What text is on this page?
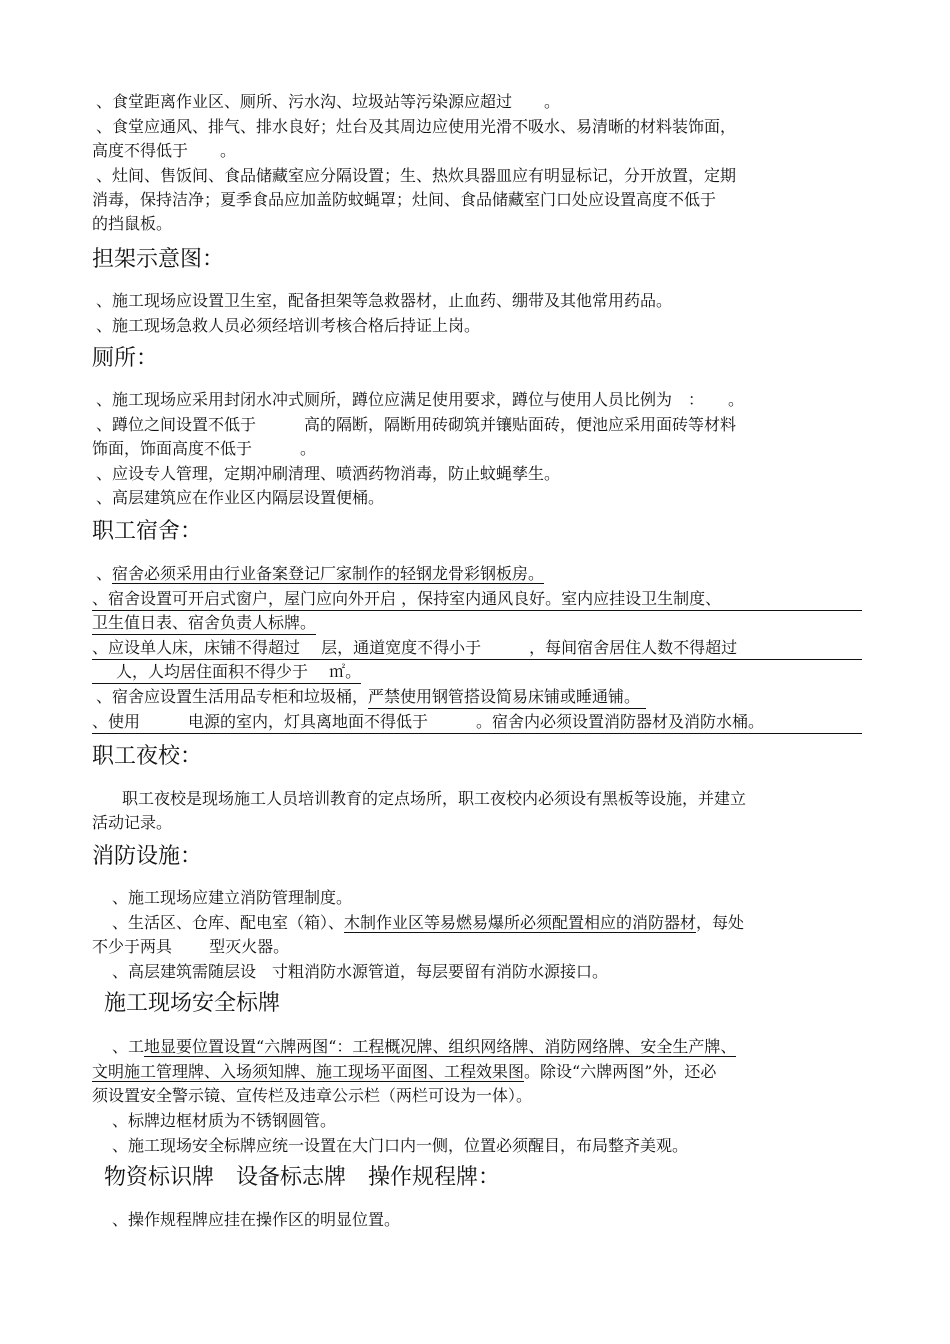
、食堂距离作业区、厕所、污水沟、垃圾站等污染源应超过　　。
、食堂应通风、排气、排水良好；灶台及其周边应使用光滑不吸水、易清晰的材料装饰面，
高度不得低于　　。
、灶间、售饭间、食品储藏室应分隔设置；生、热炊具器皿应有明显标记，分开放置，定期
消毒，保持洁净；夏季食品应加盖防蚊蝇罩；灶间、食品储藏室门口处应设置高度不低于
的挡鼠板。
担架示意图：
、施工现场应设置卫生室，配备担架等急救器材，止血药、绷带及其他常用药品。
、施工现场急救人员必须经培训考核合格后持证上岗。
厕所：
、施工现场应采用封闭水冲式厕所，蹲位应满足使用要求，蹲位与使用人员比例为　：　　。
、蹲位之间设置不低于　　　高的隔断，隔断用砖砌筑并镶贴面砖，便池应采用面砖等材料
饰面，饰面高度不低于　　　。
、应设专人管理，定期冲刷清理、喷洒药物消毒，防止蚊蝇孳生。
、高层建筑应在作业区内隔层设置便桶。
职工宿舍：
、宿舍必须采用由行业备案登记厂家制作的轻钢龙骨彩钢板房。
、宿舍设置可开启式窗户，屋门应向外开启 ，保持室内通风良好。室内应挂设卫生制度、
卫生值日表、宿舍负责人标牌。
、应设单人床，床铺不得超过　 层，通道宽度不得小于　　　，每间宿舍居住人数不得超过
人，人均居住面积不得少于　 ㎡。
、宿舍应设置生活用品专柜和垃圾桶，严禁使用钢管搭设简易床铺或睡通铺。
、使用　　　电源的室内，灯具离地面不得低于　　　。宿舍内必须设置消防器材及消防水桶。
职工夜校：
职工夜校是现场施工人员培训教育的定点场所，职工夜校内必须设有黑板等设施，并建立
活动记录。
消防设施：
、施工现场应建立消防管理制度。
、生活区、仓库、配电室（箱）、木制作业区等易燃易爆所必须配置相应的消防器材，每处
不少于两具　　 型灭火器。
、高层建筑需随层设　寸粗消防水源管道，每层要留有消防水源接口。
施工现场安全标牌
、工地显要位置设置“六牌两图“：工程概况牌、组织网络牌、消防网络牌、安全生产牌、
文明施工管理牌、入场须知牌、施工现场平面图、工程效果图。除设“六牌两图”外，还必
须设置安全警示镜、宣传栏及违章公示栏（两栏可设为一体）。
、标牌边框材质为不锈钢圆管。
、施工现场安全标牌应统一设置在大门口内一侧，位置必须醒目，布局整齐美观。
物资标识牌　设备标志牌　操作规程牌：
、操作规程牌应挂在操作区的明显位置。
